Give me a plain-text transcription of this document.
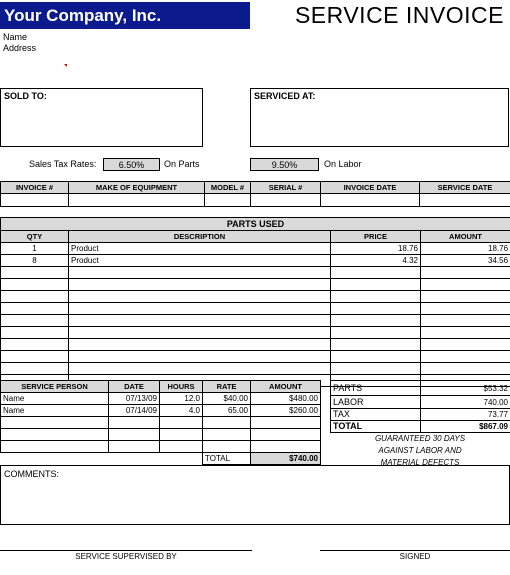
Your Company, Inc.	SERVICE INVOICE
Name
Address
SOLD TO:	SERVICED AT:
Sales Tax Rates:	6.50%	On Parts	9.50%	On Labor
INVOICE #	MAKE OF EQUIPMENT	MODEL #	SERIAL #	INVOICE DATE	SERVICE DATE

PARTS USED			
QTY	DESCRIPTION	PRICE	AMOUNT
1	Product	18.76	18.76
8	Product	4.32	34.56

SERVICE PERSON	DATE	HOURS	RATE	AMOUNT
Name	07/13/09	12.0	$40.00	$480.00
Name	07/14/09	4.0	65.00	$260.00

			TOTAL	$740.00
PARTS	$53.32
LABOR	740.00
TAX	73.77
TOTAL	$867.09
GUARANTEED 30 DAYS
AGAINST LABOR AND
MATERIAL DEFECTS
COMMENTS:
SERVICE SUPERVISED BY	SIGNED
